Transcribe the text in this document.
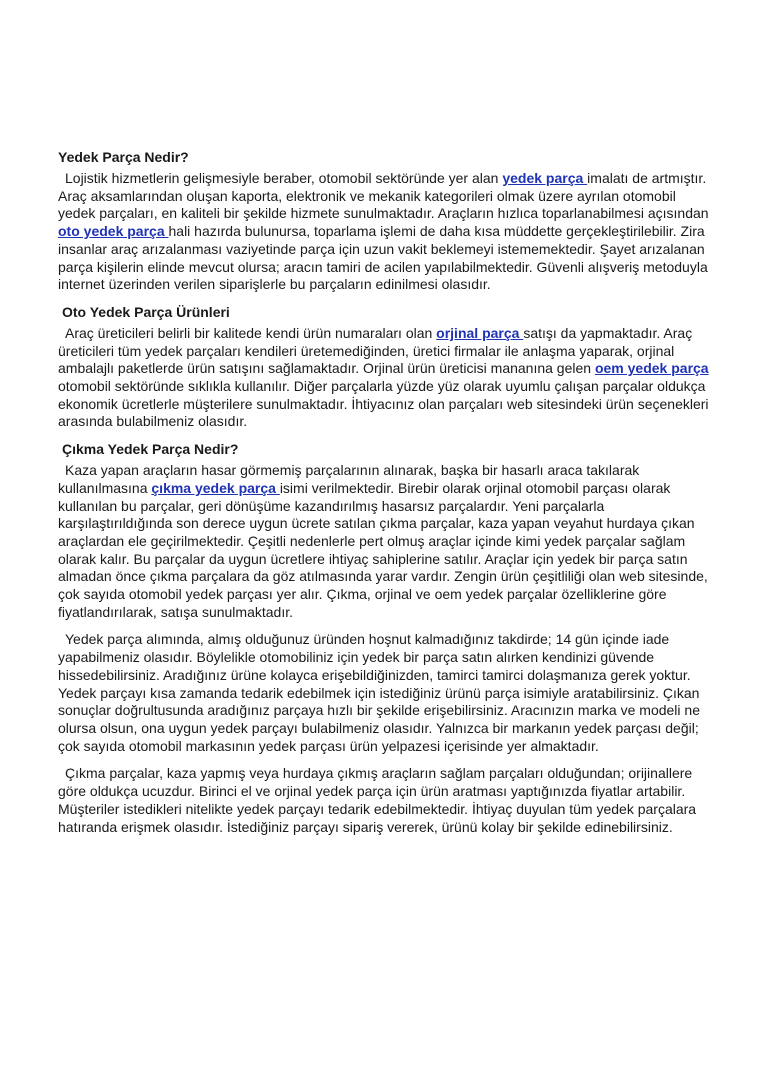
Yedek Parça Nedir?

Lojistik hizmetlerin gelişmesiyle beraber, otomobil sektöründe yer alan yedek parça imalatı de artmıştır. Araç aksamlarından oluşan kaporta, elektronik ve mekanik kategorileri olmak üzere ayrılan otomobil yedek parçaları, en kaliteli bir şekilde hizmete sunulmaktadır. Araçların hızlıca toparlanabilmesi açısından oto yedek parça hali hazırda bulunursa, toparlama işlemi de daha kısa müddette gerçekleştirilebilir. Zira insanlar araç arızalanması vaziyetinde parça için uzun vakit beklemeyi istememektedir. Şayet arızalanan parça kişilerin elinde mevcut olursa; aracın tamiri de acilen yapılabilmektedir. Güvenli alışveriş metoduyla internet üzerinden verilen siparişlerle bu parçaların edinilmesi olasıdır.

Oto Yedek Parça Ürünleri

Araç üreticileri belirli bir kalitede kendi ürün numaraları olan orjinal parça satışı da yapmaktadır. Araç üreticileri tüm yedek parçaları kendileri üretemediğinden, üretici firmalar ile anlaşma yaparak, orjinal ambalajlı paketlerde ürün satışını sağlamaktadır. Orjinal ürün üreticisi mananına gelen oem yedek parça otomobil sektöründe sıklıkla kullanılır. Diğer parçalarla yüzde yüz olarak uyumlu çalışan parçalar oldukça ekonomik ücretlerle müşterilere sunulmaktadır. İhtiyacınız olan parçaları web sitesindeki ürün seçenekleri arasında bulabilmeniz olasıdır.

Çıkma Yedek Parça Nedir?

Kaza yapan araçların hasar görmemiş parçalarının alınarak, başka bir hasarlı araca takılarak kullanılmasına çıkma yedek parça isimi verilmektedir. Birebir olarak orjinal otomobil parçası olarak kullanılan bu parçalar, geri dönüşüme kazandırılmış hasarsız parçalardır. Yeni parçalarla karşılaştırıldığında son derece uygun ücrete satılan çıkma parçalar, kaza yapan veyahut hurdaya çıkan araçlardan ele geçirilmektedir. Çeşitli nedenlerle pert olmuş araçlar içinde kimi yedek parçalar sağlam olarak kalır. Bu parçalar da uygun ücretlere ihtiyaç sahiplerine satılır. Araçlar için yedek bir parça satın almadan önce çıkma parçalara da göz atılmasında yarar vardır. Zengin ürün çeşitliliği olan web sitesinde, çok sayıda otomobil yedek parçası yer alır. Çıkma, orjinal ve oem yedek parçalar özelliklerine göre fiyatlandırılarak, satışa sunulmaktadır.

Yedek parça alımında, almış olduğunuz üründen hoşnut kalmadığınız takdirde; 14 gün içinde iade yapabilmeniz olasıdır. Böylelikle otomobiliniz için yedek bir parça satın alırken kendinizi güvende hissedebilirsiniz. Aradığınız ürüne kolayca erişebildiğinizden, tamirci tamirci dolaşmanıza gerek yoktur. Yedek parçayı kısa zamanda tedarik edebilmek için istediğiniz ürünü parça isimiyle aratabilirsiniz. Çıkan sonuçlar doğrultusunda aradığınız parçaya hızlı bir şekilde erişebilirsiniz. Aracınızın marka ve modeli ne olursa olsun, ona uygun yedek parçayı bulabilmeniz olasıdır. Yalnızca bir markanın yedek parçası değil; çok sayıda otomobil markasının yedek parçası ürün yelpazesi içerisinde yer almaktadır.

Çıkma parçalar, kaza yapmış veya hurdaya çıkmış araçların sağlam parçaları olduğundan; orijinallere göre oldukça ucuzdur. Birinci el ve orjinal yedek parça için ürün aratması yaptığınızda fiyatlar artabilir. Müşteriler istedikleri nitelikte yedek parçayı tedarik edebilmektedir. İhtiyaç duyulan tüm yedek parçalara hatıranda erişmek olasıdır. İstediğiniz parçayı sipariş vererek, ürünü kolay bir şekilde edinebilirsiniz.
